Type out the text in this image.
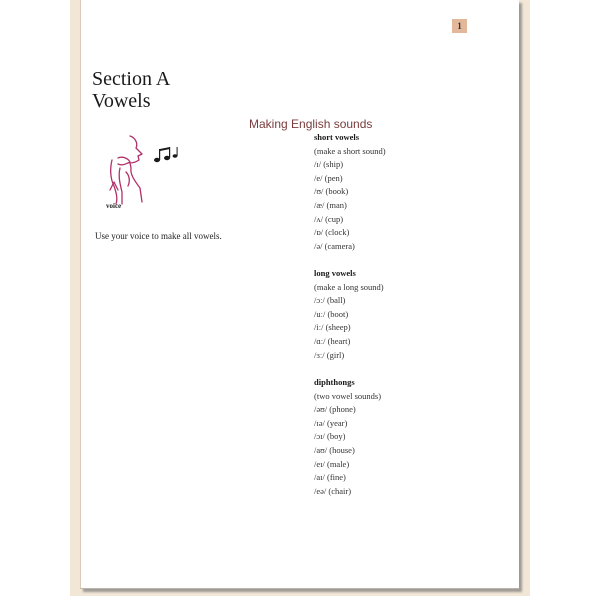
1
Section A
Vowels
voice
Use your voice to make all vowels.
Making English sounds
short vowels
(make a short sound)
/ɪ/ (ship)
/e/ (pen)
/ʊ/ (book)
/æ/ (man)
/ʌ/ (cup)
/ɒ/ (clock)
/ə/ (camera)
long vowels
(make a long sound)
/ɔː/ (ball)
/uː/ (boot)
/iː/ (sheep)
/ɑː/ (heart)
/ɜː/ (girl)
diphthongs
(two vowel sounds)
/əʊ/ (phone)
/ɪə/ (year)
/ɔɪ/ (boy)
/aʊ/ (house)
/eɪ/ (male)
/aɪ/ (fine)
/eə/ (chair)
